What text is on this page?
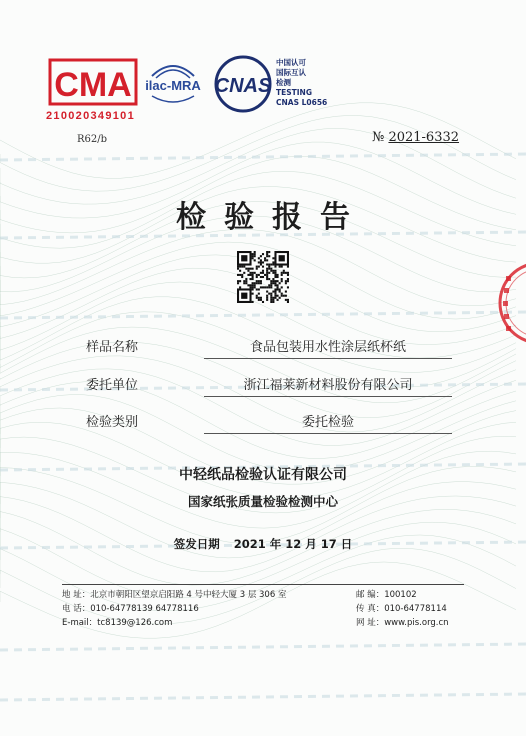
CMA
210020349101
ilac-MRA CNAS
中国认可
国际互认
检测
TESTING
CNAS L0656
R62/b	№ 2021-6332
检验报告
样品名称	食品包装用水性涂层纸杯纸
委托单位	浙江福莱新材料股份有限公司
检验类别	委托检验
中轻纸品检验认证有限公司
国家纸张质量检验检测中心
签发日期 2021 年 12 月 17 日
地 址：北京市朝阳区望京启阳路 4 号中轻大厦 3 层 306 室
电 话：010-64778139 64778116
E-mail：tc8139@126.com
邮 编：100102
传 真：010-64778114
网 址：www.pis.org.cn
